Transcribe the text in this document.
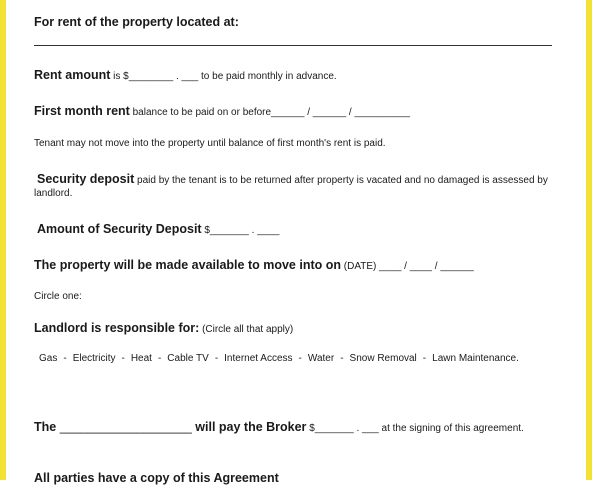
For rent of the property located at:
Rent amount is $________ . ___ to be paid monthly in advance.
First month rent balance to be paid on or before______ / ______ / __________
Tenant may not move into the property until balance of first month's rent is paid.
Security deposit paid by the tenant is to be returned after property is vacated and no damaged is assessed by
landlord.
Amount of Security Deposit $_______ . ____
The property will be made available to move into on (DATE) ____ / ____ / ______
Circle one:
Landlord is responsible for: (Circle all that apply)
Gas - Electricity - Heat - Cable TV - Internet Access - Water - Snow Removal - Lawn Maintenance.
The ___________________ will pay the Broker $_______ . ___ at the signing of this agreement.
All parties have a copy of this Agreement
